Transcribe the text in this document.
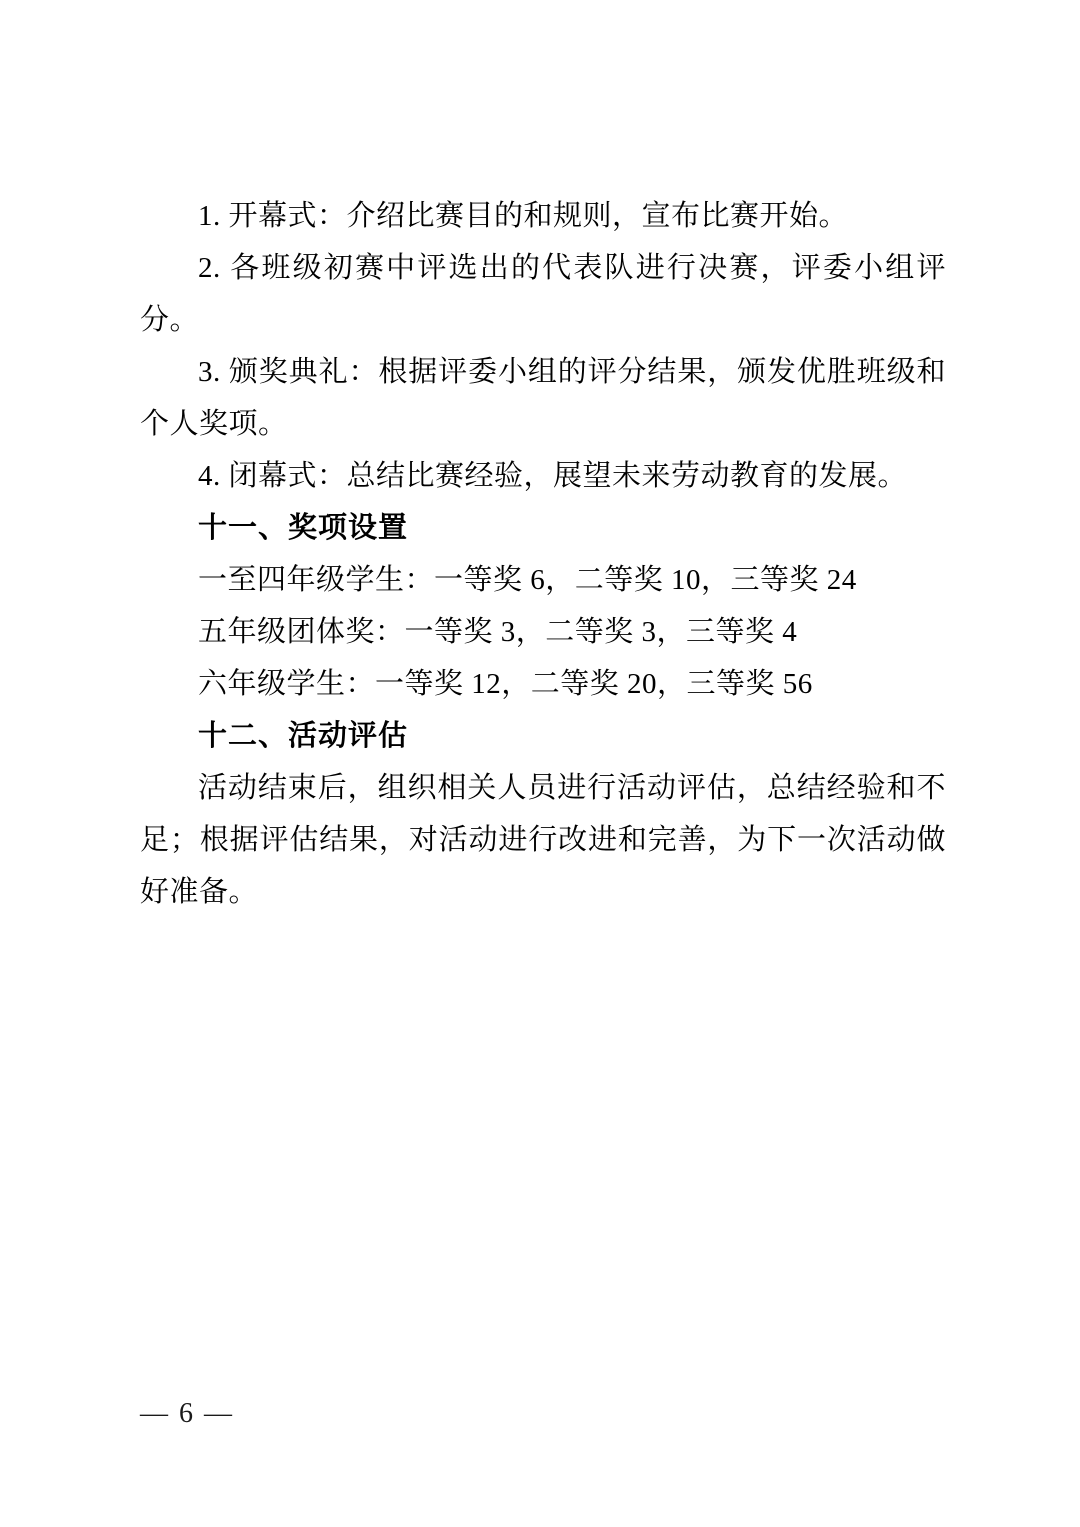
1. 开幕式：介绍比赛目的和规则，宣布比赛开始。

2. 各班级初赛中评选出的代表队进行决赛，评委小组评分。

3. 颁奖典礼：根据评委小组的评分结果，颁发优胜班级和个人奖项。

4. 闭幕式：总结比赛经验，展望未来劳动教育的发展。

十一、奖项设置

一至四年级学生：一等奖 6，二等奖 10，三等奖 24

五年级团体奖：一等奖 3，二等奖 3，三等奖 4

六年级学生：一等奖 12，二等奖 20，三等奖 56

十二、活动评估

活动结束后，组织相关人员进行活动评估，总结经验和不足；根据评估结果，对活动进行改进和完善，为下一次活动做好准备。

— 6 —
